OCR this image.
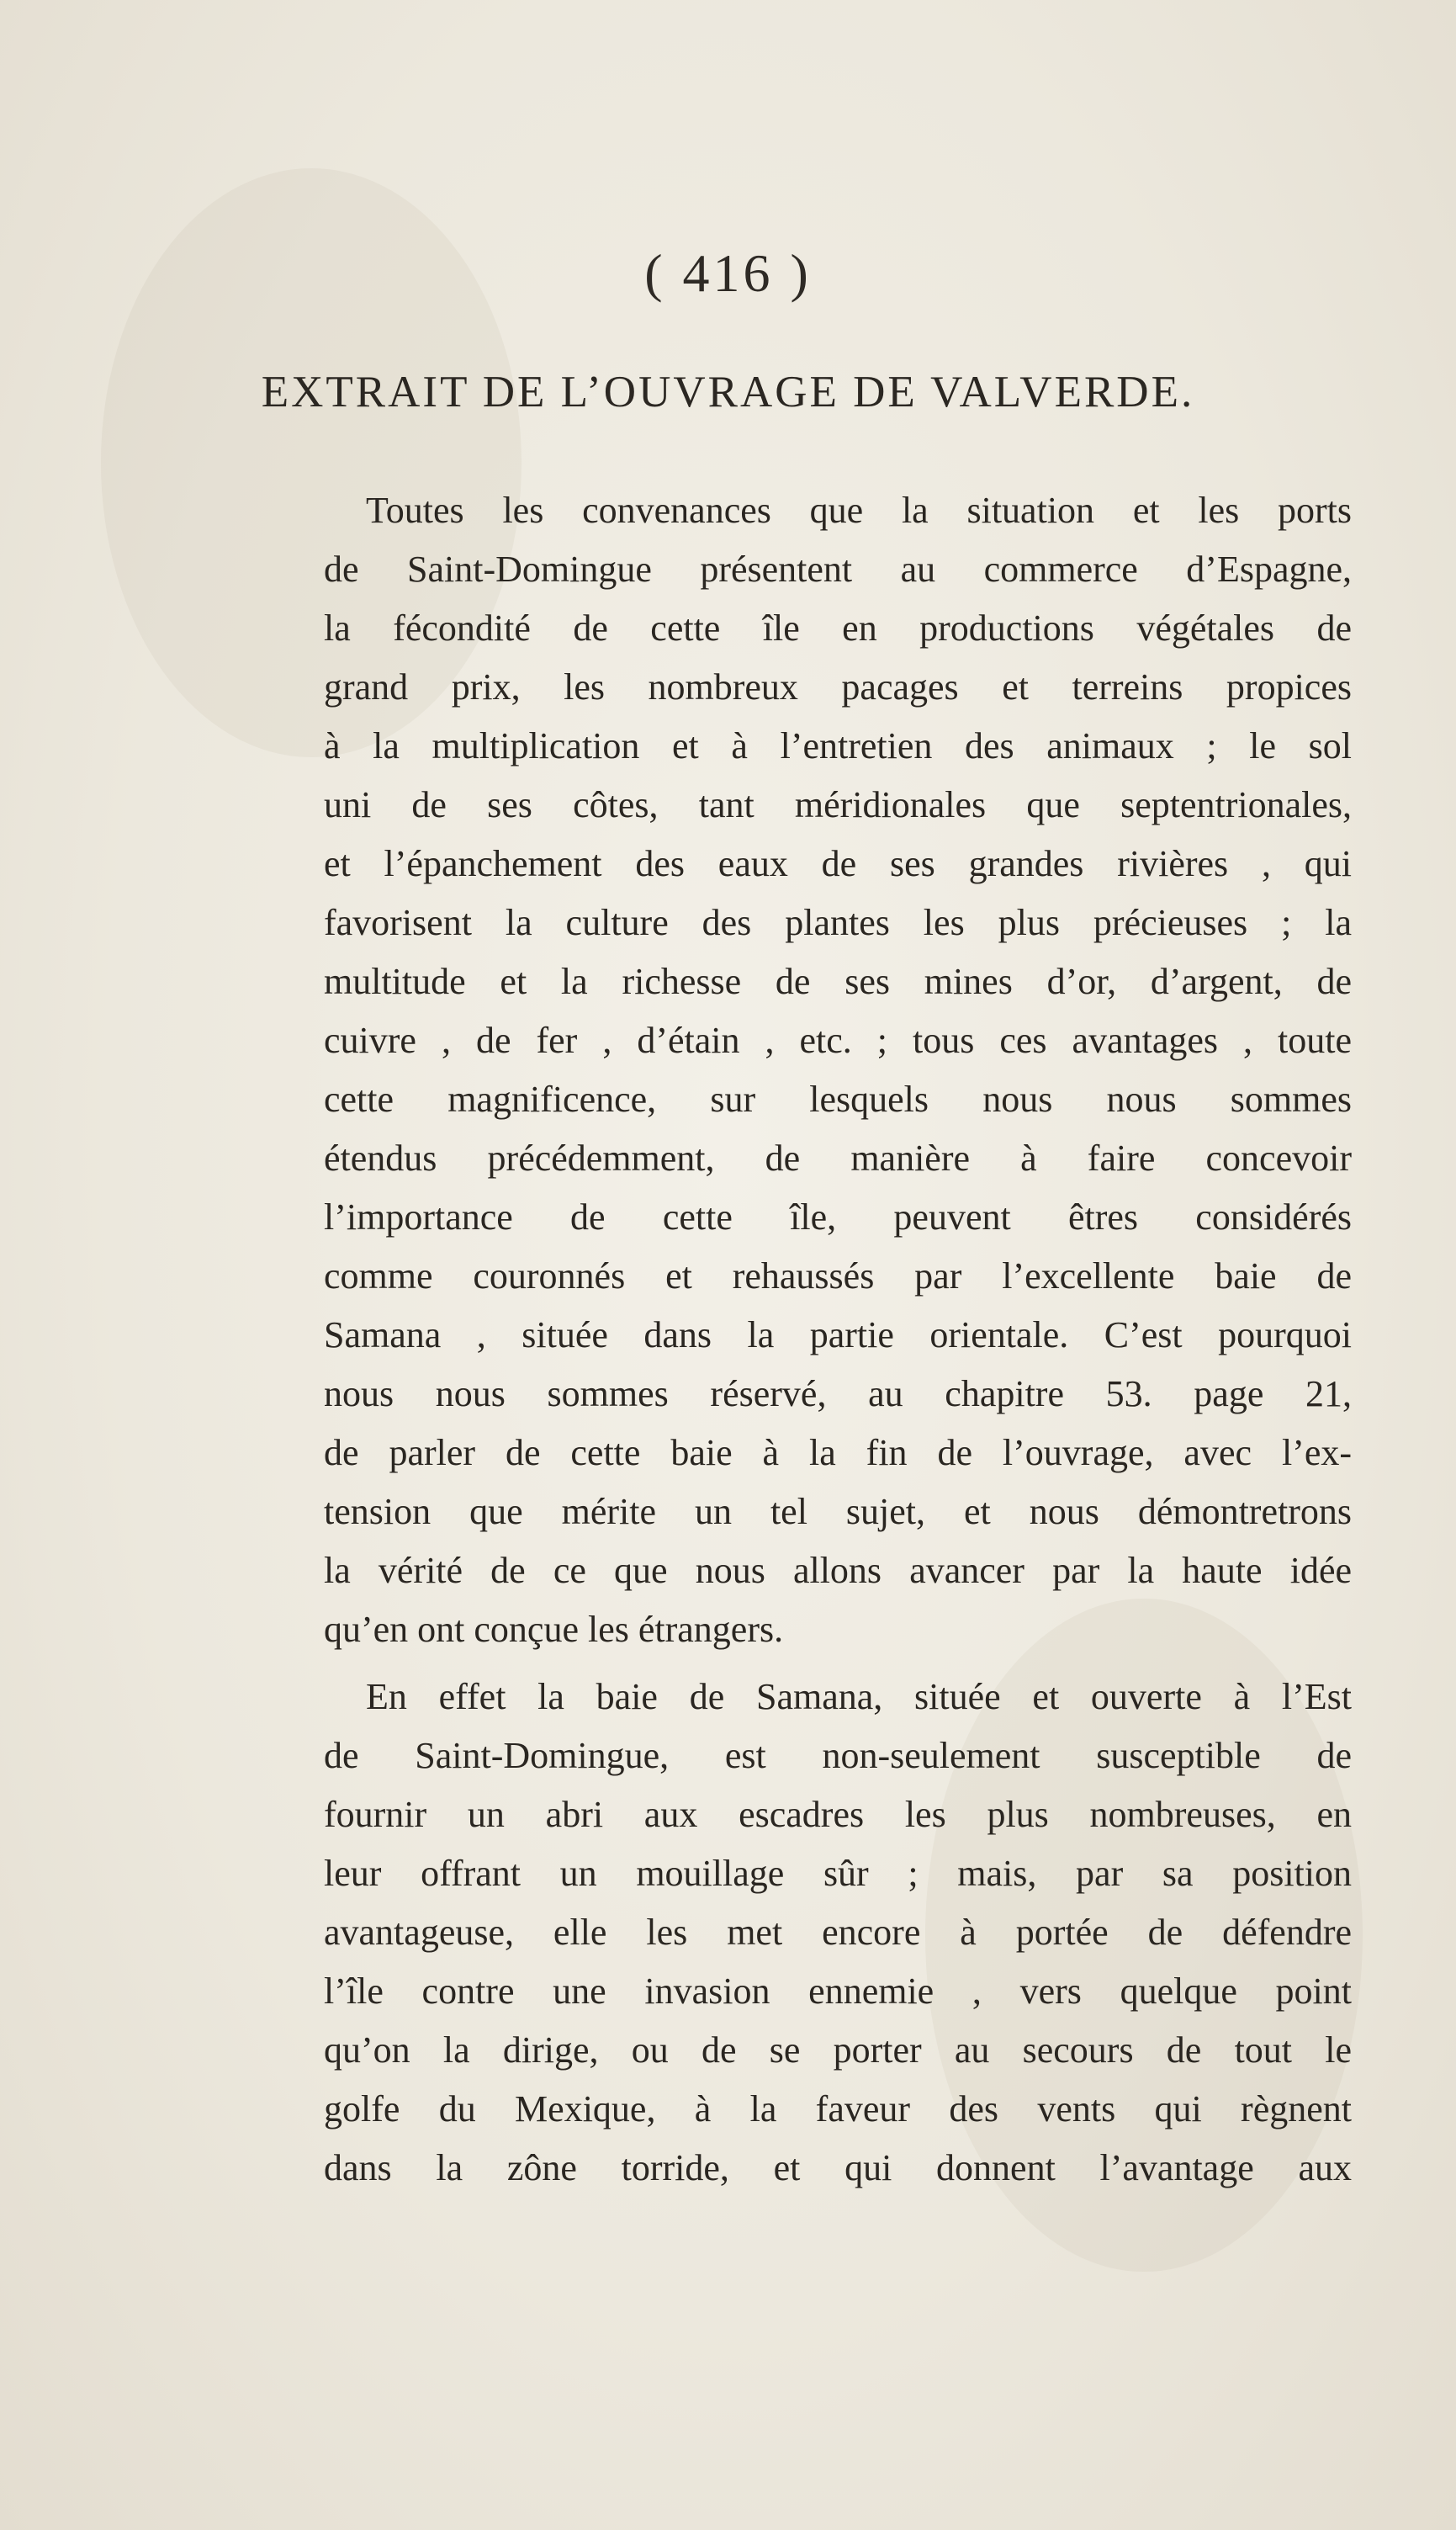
( 416 )
EXTRAIT DE L’OUVRAGE DE VALVERDE.
Toutes les convenances que la situation et les ports
de Saint-Domingue présentent au commerce d’Espagne,
la fécondité de cette île en productions végétales de
grand prix, les nombreux pacages et terreins propices
à la multiplication et à l’entretien des animaux ; le sol
uni de ses côtes, tant méridionales que septentrionales,
et l’épanchement des eaux de ses grandes rivières , qui
favorisent la culture des plantes les plus précieuses ; la
multitude et la richesse de ses mines d’or, d’argent, de
cuivre , de fer , d’étain , etc. ; tous ces avantages , toute
cette magnificence, sur lesquels nous nous sommes
étendus précédemment, de manière à faire concevoir
l’importance de cette île, peuvent êtres considérés
comme couronnés et rehaussés par l’excellente baie de
Samana , située dans la partie orientale. C’est pourquoi
nous nous sommes réservé, au chapitre 53. page 21,
de parler de cette baie à la fin de l’ouvrage, avec l’ex-
tension que mérite un tel sujet, et nous démontretrons
la vérité de ce que nous allons avancer par la haute idée
qu’en ont conçue les étrangers.
En effet la baie de Samana, située et ouverte à l’Est
de Saint-Domingue, est non-seulement susceptible de
fournir un abri aux escadres les plus nombreuses, en
leur offrant un mouillage sûr ; mais, par sa position
avantageuse, elle les met encore à portée de défendre
l’île contre une invasion ennemie , vers quelque point
qu’on la dirige, ou de se porter au secours de tout le
golfe du Mexique, à la faveur des vents qui règnent
dans la zône torride, et qui donnent l’avantage aux
